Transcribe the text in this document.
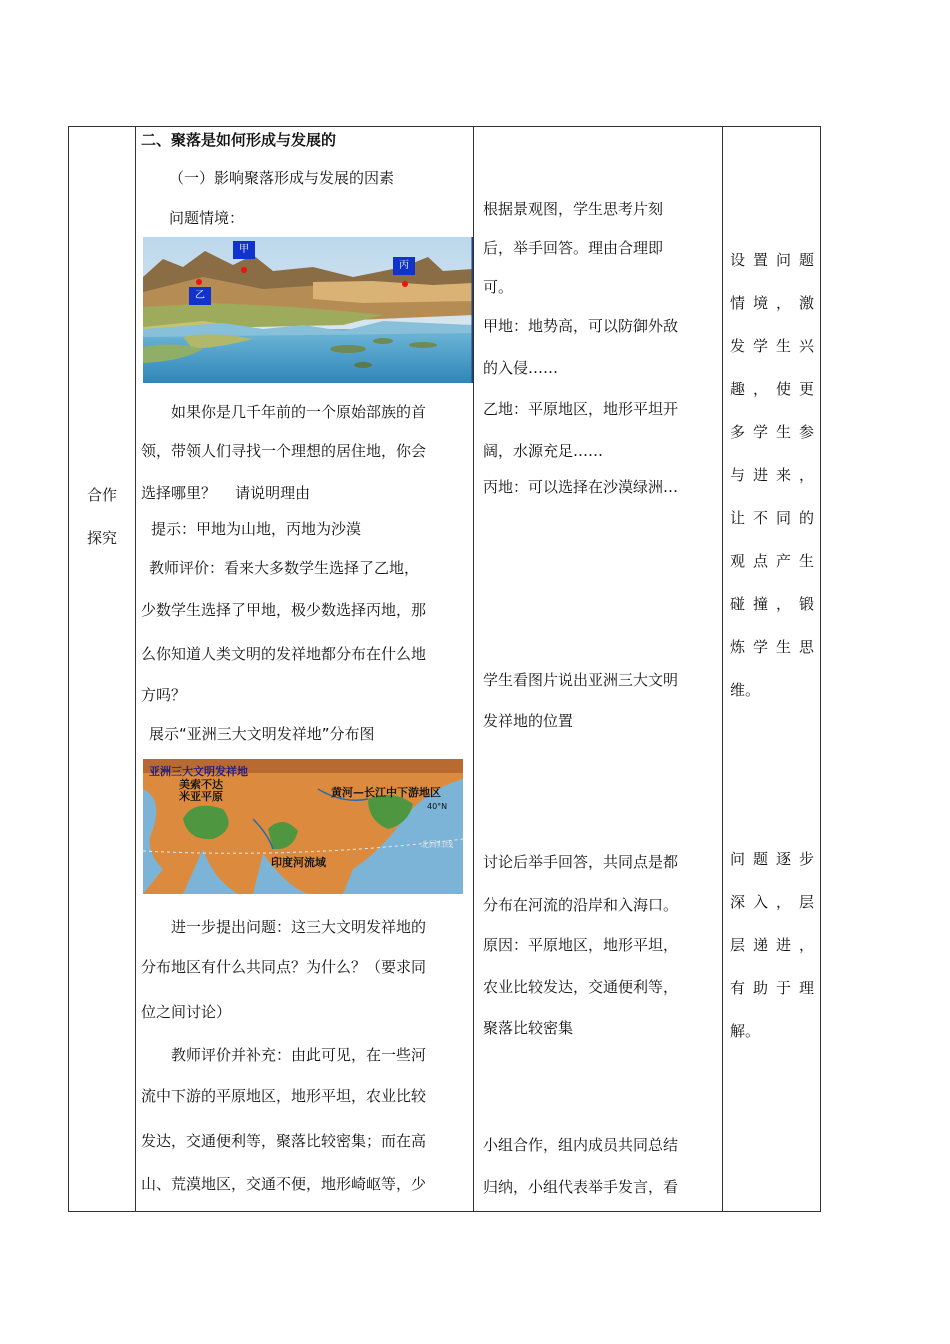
合作
探究

二、聚落是如何形成与发展的

（一）影响聚落形成与发展的因素

问题情境：

甲
乙
丙

如果你是几千年前的一个原始部族的首

领，带领人们寻找一个理想的居住地，你会

选择哪里？    请说明理由

提示：甲地为山地，丙地为沙漠

教师评价：看来大多数学生选择了乙地，

少数学生选择了甲地，极少数选择丙地，那

么你知道人类文明的发祥地都分布在什么地

方吗？

展示“亚洲三大文明发祥地”分布图

亚洲三大文明发祥地
美索不达
米亚平原	黄河—长江中下游地区
印度河流域
40°N
北回归线

进一步提出问题：这三大文明发祥地的

分布地区有什么共同点？为什么？（要求同

位之间讨论）

教师评价并补充：由此可见，在一些河

流中下游的平原地区，地形平坦，农业比较

发达，交通便利等，聚落比较密集；而在高

山、荒漠地区，交通不便，地形崎岖等，少

根据景观图，学生思考片刻

后，举手回答。理由合理即

可。

甲地：地势高，可以防御外敌

的入侵……

乙地：平原地区，地形平坦开

阔，水源充足……

丙地：可以选择在沙漠绿洲…

学生看图片说出亚洲三大文明

发祥地的位置

讨论后举手回答，共同点是都

分布在河流的沿岸和入海口。

原因：平原地区，地形平坦，

农业比较发达，交通便利等，

聚落比较密集

小组合作，组内成员共同总结

归纳，小组代表举手发言，看

设置问题
情境，激
发学生兴
趣，使更
多学生参
与进来，
让不同的
观点产生
碰撞，锻
炼学生思
维。
问题逐步
深入，层
层递进，
有助于理
解。
